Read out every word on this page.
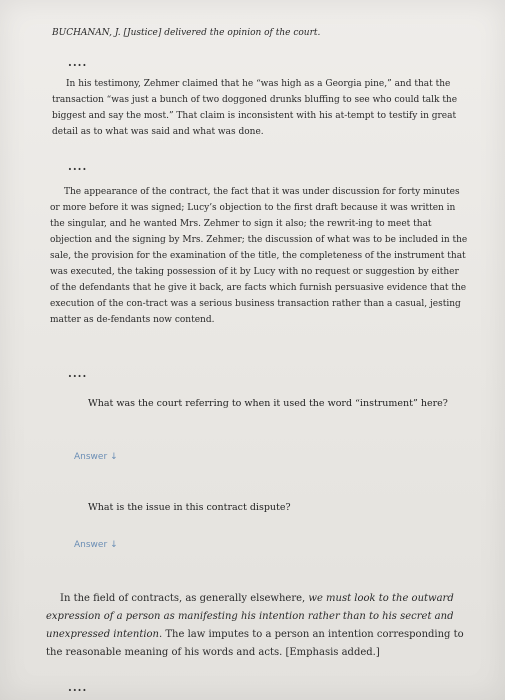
BUCHANAN, J. [Justice] delivered the opinion of the court.
....
In his testimony, Zehmer claimed that he “was high as a Georgia pine,” and that the transaction “was just a bunch of two doggoned drunks bluffing to see who could talk the biggest and say the most.” That claim is inconsistent with his at-tempt to testify in great detail as to what was said and what was done.
....
The appearance of the contract, the fact that it was under discussion for forty minutes or more before it was signed; Lucy’s objection to the first draft because it was written in the singular, and he wanted Mrs. Zehmer to sign it also; the rewrit-ing to meet that objection and the signing by Mrs. Zehmer; the discussion of what was to be included in the sale, the provision for the examination of the title, the completeness of the instrument that was executed, the taking possession of it by Lucy with no request or suggestion by either of the defendants that he give it back, are facts which furnish persuasive evidence that the execution of the con-tract was a serious business transaction rather than a casual, jesting matter as de-fendants now contend.
....
What was the court referring to when it used the word “instrument” here?
Answer ↓
What is the issue in this contract dispute?
Answer ↓
In the field of contracts, as generally elsewhere, we must look to the outward expression of a person as manifesting his intention rather than to his secret and unexpressed intention. The law imputes to a person an intention corresponding to the reasonable meaning of his words and acts. [Emphasis added.]
....
